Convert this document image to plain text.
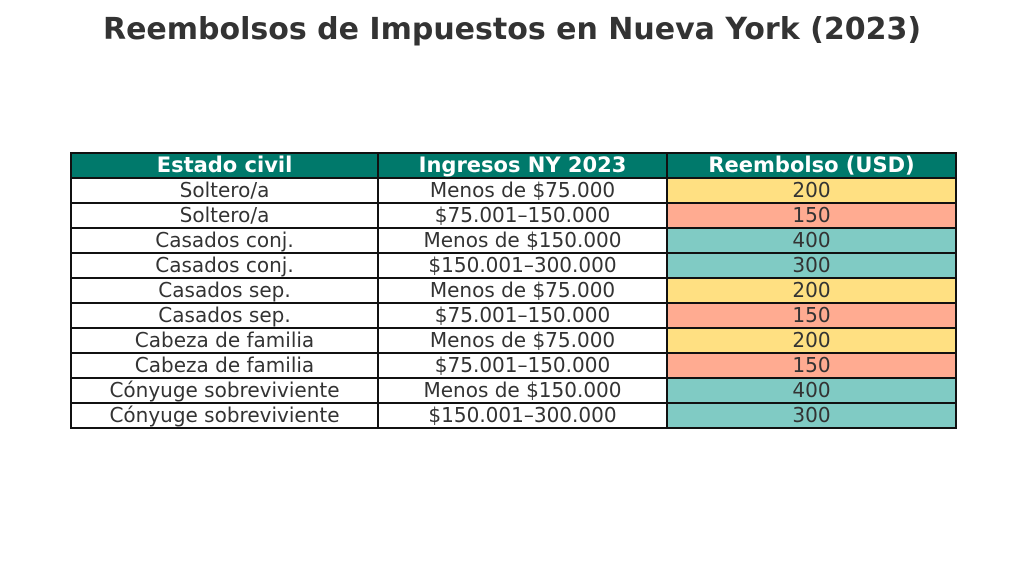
Reembolsos de Impuestos en Nueva York (2023)
Estado civil	Ingresos NY 2023	Reembolso (USD)
Soltero/a	Menos de $75.000	200
Soltero/a	$75.001–150.000	150
Casados conj.	Menos de $150.000	400
Casados conj.	$150.001–300.000	300
Casados sep.	Menos de $75.000	200
Casados sep.	$75.001–150.000	150
Cabeza de familia	Menos de $75.000	200
Cabeza de familia	$75.001–150.000	150
Cónyuge sobreviviente	Menos de $150.000	400
Cónyuge sobreviviente	$150.001–300.000	300
